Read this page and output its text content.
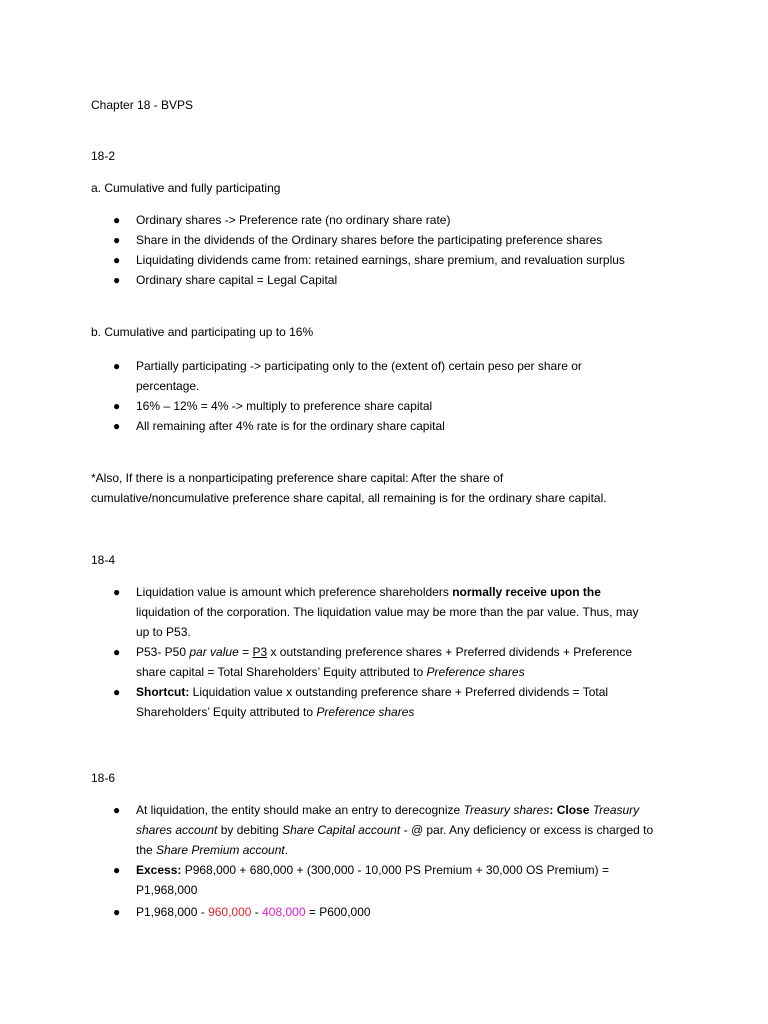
Chapter 18 - BVPS
18-2
a. Cumulative and fully participating
● Ordinary shares -> Preference rate (no ordinary share rate)
● Share in the dividends of the Ordinary shares before the participating preference shares
● Liquidating dividends came from: retained earnings, share premium, and revaluation surplus
● Ordinary share capital = Legal Capital
b. Cumulative and participating up to 16%
● Partially participating -> participating only to the (extent of) certain peso per share or
percentage.
● 16% – 12% = 4% -> multiply to preference share capital
● All remaining after 4% rate is for the ordinary share capital
*Also, If there is a nonparticipating preference share capital: After the share of
cumulative/noncumulative preference share capital, all remaining is for the ordinary share capital.
18-4
● Liquidation value is amount which preference shareholders normally receive upon the
liquidation of the corporation. The liquidation value may be more than the par value. Thus, may
up to P53.
● P53- P50 par value = P3 x outstanding preference shares + Preferred dividends + Preference
share capital = Total Shareholders’ Equity attributed to Preference shares
● Shortcut: Liquidation value x outstanding preference share + Preferred dividends = Total
Shareholders’ Equity attributed to Preference shares
18-6
● At liquidation, the entity should make an entry to derecognize Treasury shares: Close Treasury
shares account by debiting Share Capital account - @ par. Any deficiency or excess is charged to
the Share Premium account.
● Excess: P968,000 + 680,000 + (300,000 - 10,000 PS Premium + 30,000 OS Premium) =
P1,968,000
● P1,968,000 - 960,000 - 408,000 = P600,000
